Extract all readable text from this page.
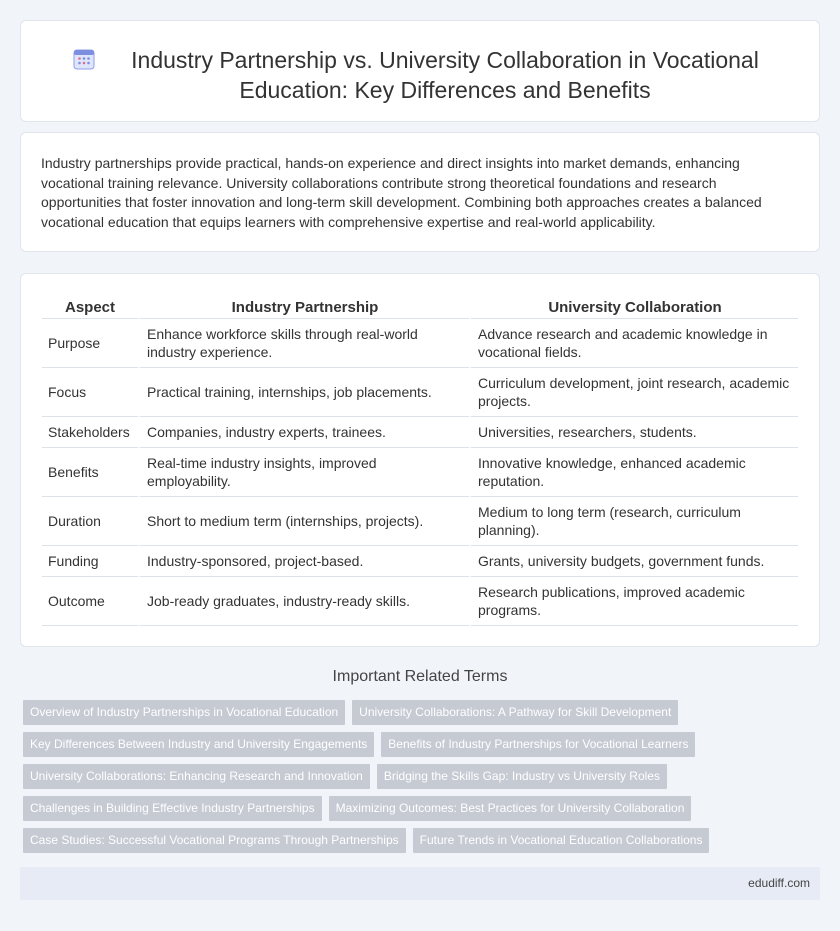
Industry Partnership vs. University Collaboration in Vocational Education: Key Differences and Benefits

Industry partnerships provide practical, hands-on experience and direct insights into market demands, enhancing vocational training relevance. University collaborations contribute strong theoretical foundations and research opportunities that foster innovation and long-term skill development. Combining both approaches creates a balanced vocational education that equips learners with comprehensive expertise and real-world applicability.

Aspect	Industry Partnership	University Collaboration
Purpose	Enhance workforce skills through real-world industry experience.	Advance research and academic knowledge in vocational fields.
Focus	Practical training, internships, job placements.	Curriculum development, joint research, academic projects.
Stakeholders	Companies, industry experts, trainees.	Universities, researchers, students.
Benefits	Real-time industry insights, improved employability.	Innovative knowledge, enhanced academic reputation.
Duration	Short to medium term (internships, projects).	Medium to long term (research, curriculum planning).
Funding	Industry-sponsored, project-based.	Grants, university budgets, government funds.
Outcome	Job-ready graduates, industry-ready skills.	Research publications, improved academic programs.
Important Related Terms
Overview of Industry Partnerships in Vocational Education	University Collaborations: A Pathway for Skill Development
Key Differences Between Industry and University Engagements	Benefits of Industry Partnerships for Vocational Learners
University Collaborations: Enhancing Research and Innovation	Bridging the Skills Gap: Industry vs University Roles
Challenges in Building Effective Industry Partnerships	Maximizing Outcomes: Best Practices for University Collaboration
Case Studies: Successful Vocational Programs Through Partnerships	Future Trends in Vocational Education Collaborations
edudiff.com
